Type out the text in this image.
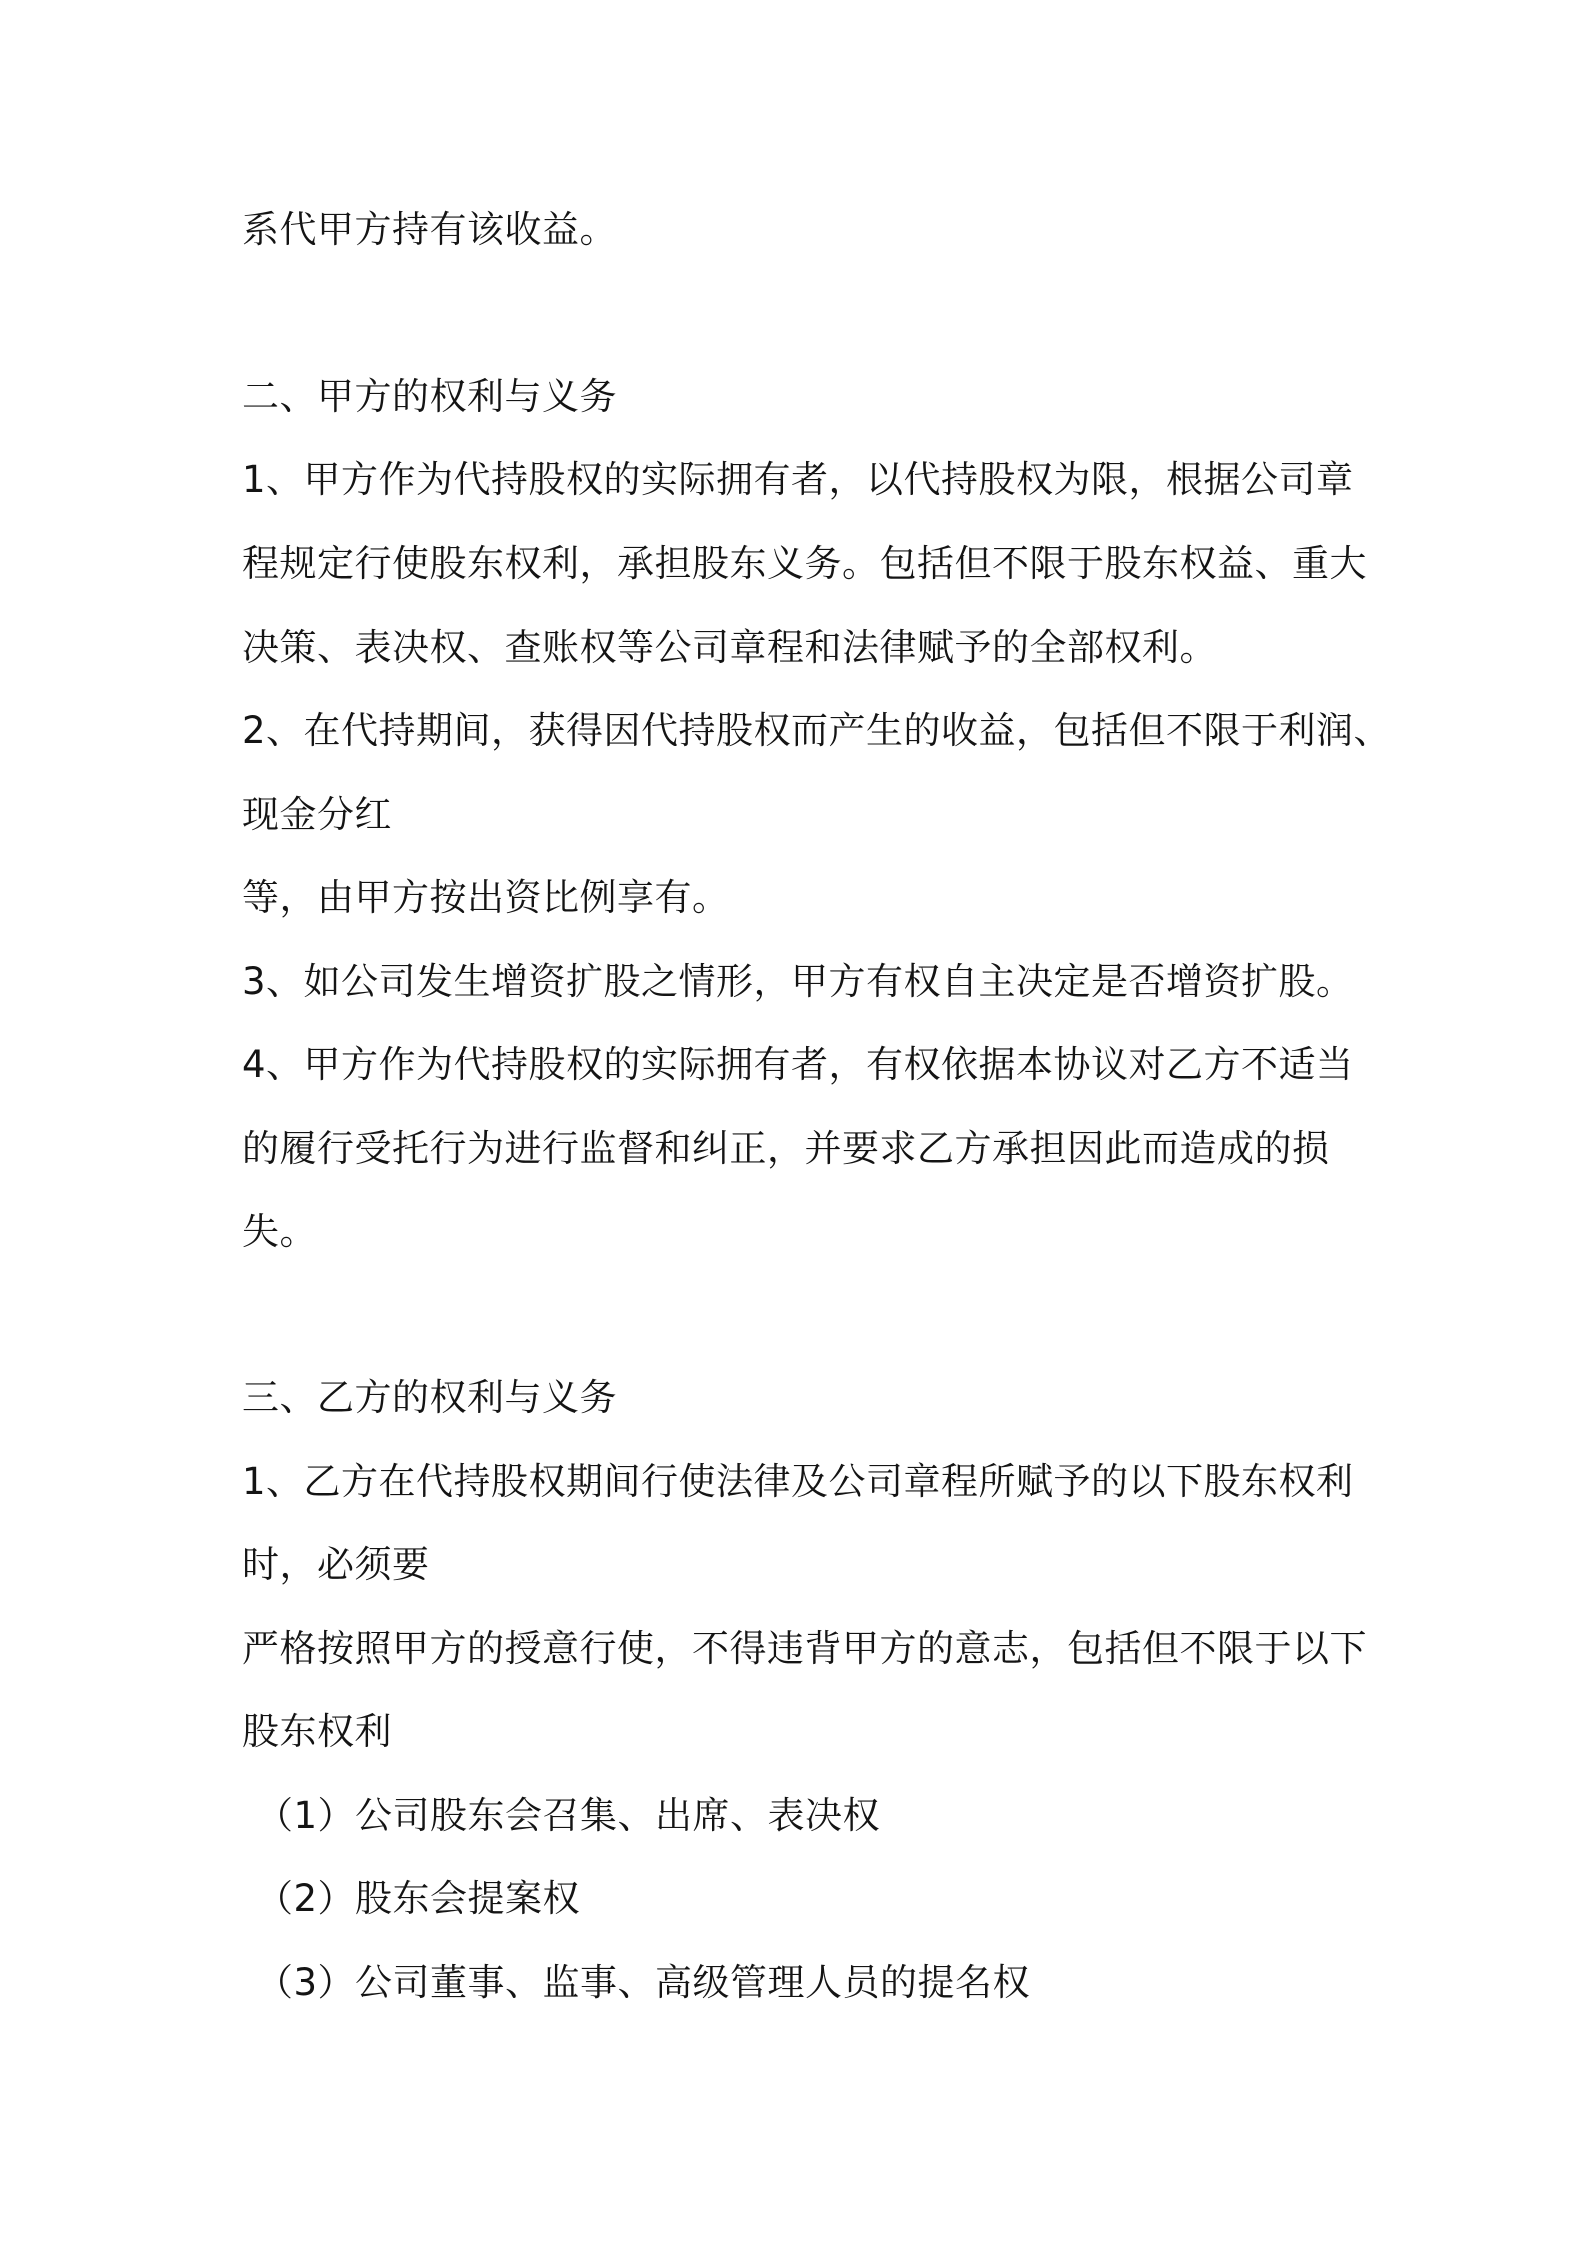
系代甲方持有该收益。
二、甲方的权利与义务
1、甲方作为代持股权的实际拥有者，以代持股权为限，根据公司章
程规定行使股东权利，承担股东义务。包括但不限于股东权益、重大
决策、表决权、查账权等公司章程和法律赋予的全部权利。
2、在代持期间，获得因代持股权而产生的收益，包括但不限于利润、
现金分红
等，由甲方按出资比例享有。
3、如公司发生增资扩股之情形，甲方有权自主决定是否增资扩股。
4、甲方作为代持股权的实际拥有者，有权依据本协议对乙方不适当
的履行受托行为进行监督和纠正，并要求乙方承担因此而造成的损
失。
三、乙方的权利与义务
1、乙方在代持股权期间行使法律及公司章程所赋予的以下股东权利
时，必须要
严格按照甲方的授意行使，不得违背甲方的意志，包括但不限于以下
股东权利
（1）公司股东会召集、出席、表决权
（2）股东会提案权
（3）公司董事、监事、高级管理人员的提名权
